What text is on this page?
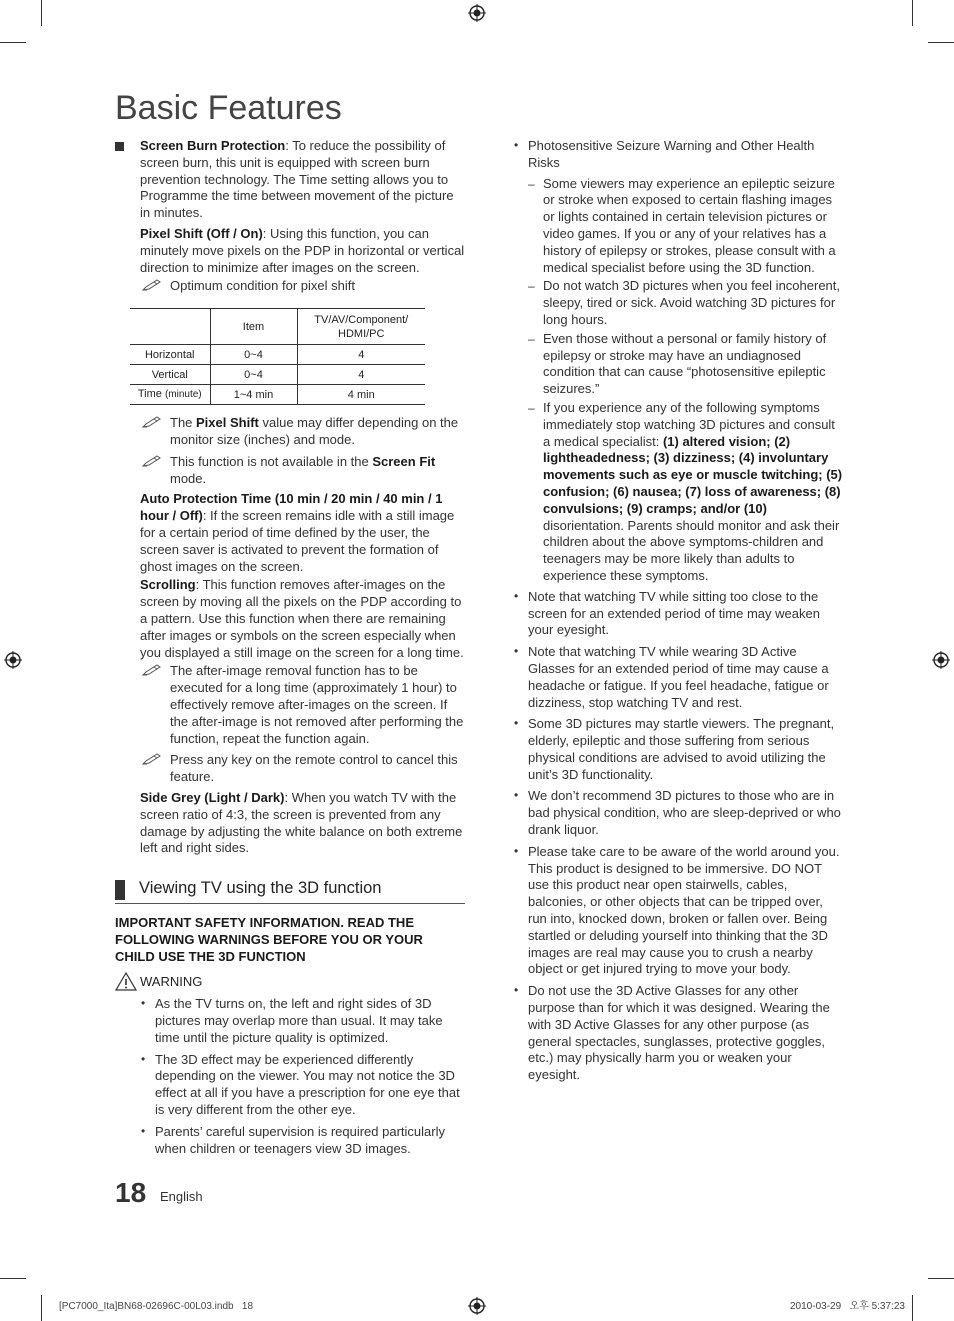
Basic Features

Screen Burn Protection: To reduce the possibility of screen burn, this unit is equipped with screen burn prevention technology. The Time setting allows you to Programme the time between movement of the picture in minutes.

Pixel Shift (Off / On): Using this function, you can minutely move pixels on the PDP in horizontal or vertical direction to minimize after images on the screen.

Optimum condition for pixel shift
	Item	TV/AV/Component/
HDMI/PC
Horizontal	0~4	4
Vertical	0~4	4
Time (minute)	1~4 min	4 min
The Pixel Shift value may differ depending on the monitor size (inches) and mode.
This function is not available in the Screen Fit mode.

Auto Protection Time (10 min / 20 min / 40 min / 1 hour / Off): If the screen remains idle with a still image for a certain period of time defined by the user, the screen saver is activated to prevent the formation of ghost images on the screen.

Scrolling: This function removes after-images on the screen by moving all the pixels on the PDP according to a pattern. Use this function when there are remaining after images or symbols on the screen especially when you displayed a still image on the screen for a long time.

The after-image removal function has to be executed for a long time (approximately 1 hour) to effectively remove after-images on the screen. If the after-image is not removed after performing the function, repeat the function again.
Press any key on the remote control to cancel this feature.

Side Grey (Light / Dark): When you watch TV with the screen ratio of 4:3, the screen is prevented from any damage by adjusting the white balance on both extreme left and right sides.

Viewing TV using the 3D function

IMPORTANT SAFETY INFORMATION. READ THE FOLLOWING WARNINGS BEFORE YOU OR YOUR CHILD USE THE 3D FUNCTION

WARNING
• As the TV turns on, the left and right sides of 3D pictures may overlap more than usual. It may take time until the picture quality is optimized.
• The 3D effect may be experienced differently depending on the viewer. You may not notice the 3D effect at all if you have a prescription for one eye that is very different from the other eye.
• Parents’ careful supervision is required particularly when children or teenagers view 3D images.
• Photosensitive Seizure Warning and Other Health Risks
– Some viewers may experience an epileptic seizure or stroke when exposed to certain flashing images or lights contained in certain television pictures or video games. If you or any of your relatives has a history of epilepsy or strokes, please consult with a medical specialist before using the 3D function.
– Do not watch 3D pictures when you feel incoherent, sleepy, tired or sick. Avoid watching 3D pictures for long hours.
– Even those without a personal or family history of epilepsy or stroke may have an undiagnosed condition that can cause “photosensitive epileptic seizures.”
– If you experience any of the following symptoms immediately stop watching 3D pictures and consult a medical specialist: (1) altered vision; (2) lightheadedness; (3) dizziness; (4) involuntary movements such as eye or muscle twitching; (5) confusion; (6) nausea; (7) loss of awareness; (8) convulsions; (9) cramps; and/or (10) disorientation. Parents should monitor and ask their children about the above symptoms-children and teenagers may be more likely than adults to experience these symptoms.
• Note that watching TV while sitting too close to the screen for an extended period of time may weaken your eyesight.
• Note that watching TV while wearing 3D Active Glasses for an extended period of time may cause a headache or fatigue. If you feel headache, fatigue or dizziness, stop watching TV and rest.
• Some 3D pictures may startle viewers. The pregnant, elderly, epileptic and those suffering from serious physical conditions are advised to avoid utilizing the unit’s 3D functionality.
• We don’t recommend 3D pictures to those who are in bad physical condition, who are sleep-deprived or who drank liquor.
• Please take care to be aware of the world around you. This product is designed to be immersive. DO NOT use this product near open stairwells, cables, balconies, or other objects that can be tripped over, run into, knocked down, broken or fallen over. Being startled or deluding yourself into thinking that the 3D images are real may cause you to crush a nearby object or get injured trying to move your body.
• Do not use the 3D Active Glasses for any other purpose than for which it was designed. Wearing the with 3D Active Glasses for any other purpose (as general spectacles, sunglasses, protective goggles, etc.) may physically harm you or weaken your eyesight.
18 English
[PC7000_Ita]BN68-02696C-00L03.indb   18	2010-03-29   오후 5:37:23
